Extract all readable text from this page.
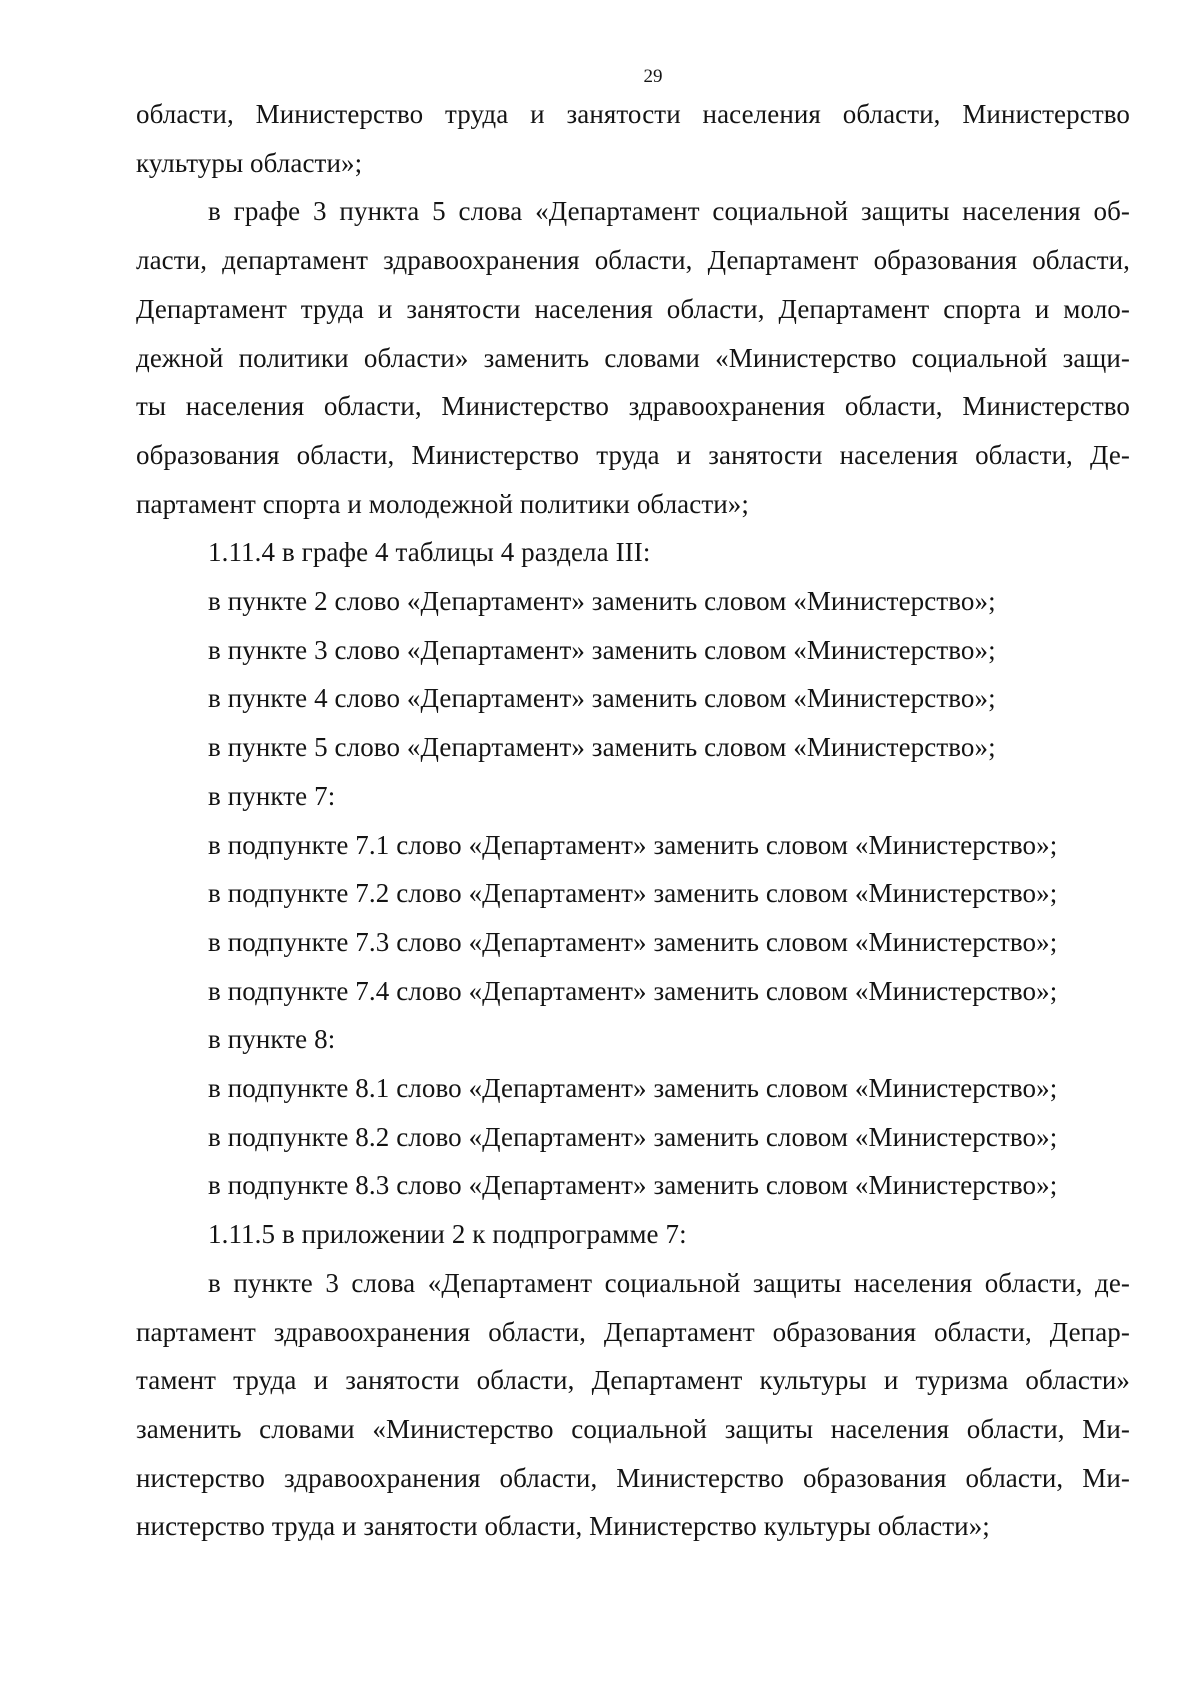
29
области, Министерство труда и занятости населения области, Министерство
культуры области»;
в графе 3 пункта 5 слова «Департамент социальной защиты населения об-
ласти, департамент здравоохранения области, Департамент образования области,
Департамент труда и занятости населения области, Департамент спорта и моло-
дежной политики области» заменить словами «Министерство социальной защи-
ты населения области, Министерство здравоохранения области, Министерство
образования области, Министерство труда и занятости населения области, Де-
партамент спорта и молодежной политики области»;
1.11.4 в графе 4 таблицы 4 раздела III:
в пункте 2 слово «Департамент» заменить словом «Министерство»;
в пункте 3 слово «Департамент» заменить словом «Министерство»;
в пункте 4 слово «Департамент» заменить словом «Министерство»;
в пункте 5 слово «Департамент» заменить словом «Министерство»;
в пункте 7:
в подпункте 7.1 слово «Департамент» заменить словом «Министерство»;
в подпункте 7.2 слово «Департамент» заменить словом «Министерство»;
в подпункте 7.3 слово «Департамент» заменить словом «Министерство»;
в подпункте 7.4 слово «Департамент» заменить словом «Министерство»;
в пункте 8:
в подпункте 8.1 слово «Департамент» заменить словом «Министерство»;
в подпункте 8.2 слово «Департамент» заменить словом «Министерство»;
в подпункте 8.3 слово «Департамент» заменить словом «Министерство»;
1.11.5 в приложении 2 к подпрограмме 7:
в пункте 3 слова «Департамент социальной защиты населения области, де-
партамент здравоохранения области, Департамент образования области, Депар-
тамент труда и занятости области, Департамент культуры и туризма области»
заменить словами «Министерство социальной защиты населения области, Ми-
нистерство здравоохранения области, Министерство образования области, Ми-
нистерство труда и занятости области, Министерство культуры области»;
